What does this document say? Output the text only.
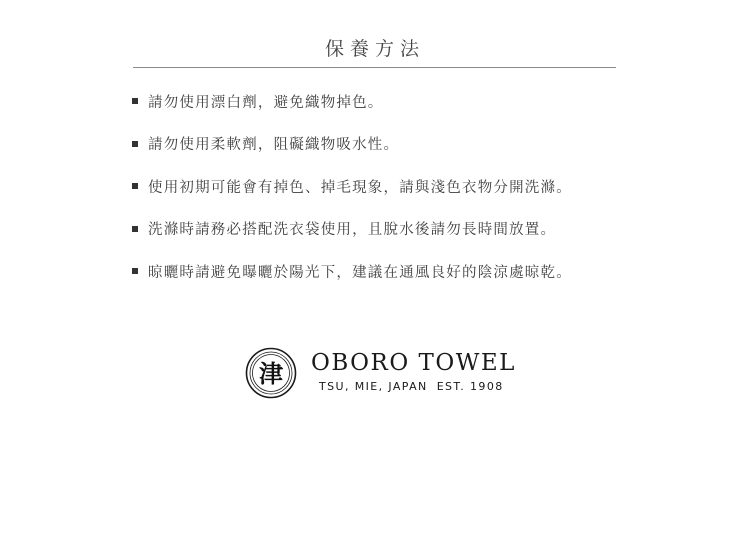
保養方法
請勿使用漂白劑，避免織物掉色。
請勿使用柔軟劑，阻礙織物吸水性。
使用初期可能會有掉色、掉毛現象，請與淺色衣物分開洗滌。
洗滌時請務必搭配洗衣袋使用，且脫水後請勿長時間放置。
晾曬時請避免曝曬於陽光下，建議在通風良好的陰涼處晾乾。
津 OBORO TOWEL
TSU, MIE, JAPAN EST. 1908
